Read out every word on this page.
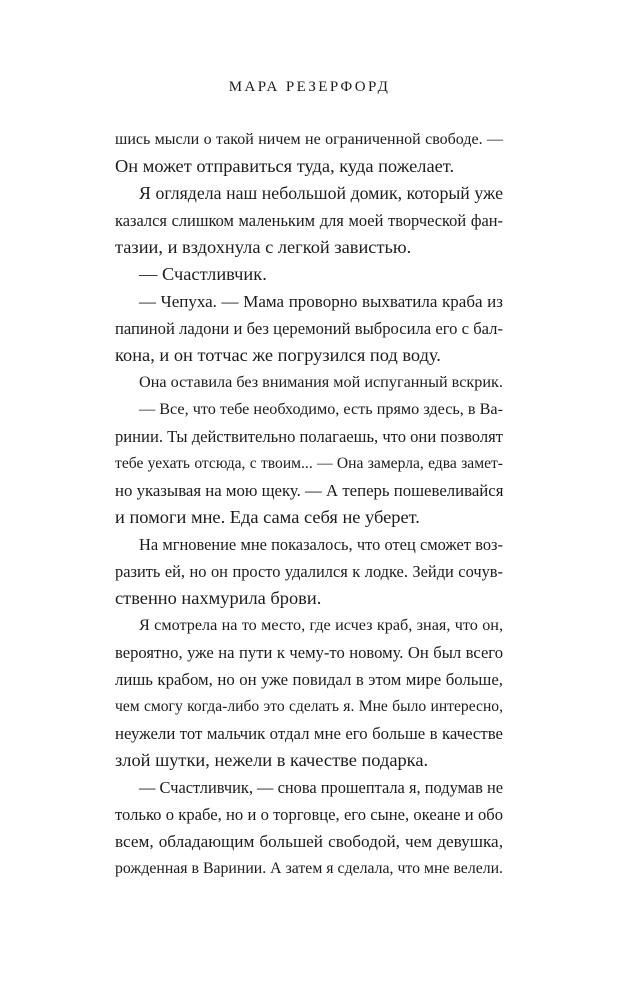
МАРА РЕЗЕРФОРД
шись мысли о такой ничем не ограниченной свободе. —
Он может отправиться туда, куда пожелает.
Я оглядела наш небольшой домик, который уже
казался слишком маленьким для моей творческой фан-
тазии, и вздохнула с легкой завистью.
— Счастливчик.
— Чепуха. — Мама проворно выхватила краба из
папиной ладони и без церемоний выбросила его с бал-
кона, и он тотчас же погрузился под воду.
Она оставила без внимания мой испуганный вскрик.
— Все, что тебе необходимо, есть прямо здесь, в Ва-
ринии. Ты действительно полагаешь, что они позволят
тебе уехать отсюда, с твоим... — Она замерла, едва замет-
но указывая на мою щеку. — А теперь пошевеливайся
и помоги мне. Еда сама себя не уберет.
На мгновение мне показалось, что отец сможет воз-
разить ей, но он просто удалился к лодке. Зейди сочув-
ственно нахмурила брови.
Я смотрела на то место, где исчез краб, зная, что он,
вероятно, уже на пути к чему-то новому. Он был всего
лишь крабом, но он уже повидал в этом мире больше,
чем смогу когда-либо это сделать я. Мне было интересно,
неужели тот мальчик отдал мне его больше в качестве
злой шутки, нежели в качестве подарка.
— Счастливчик, — снова прошептала я, подумав не
только о крабе, но и о торговце, его сыне, океане и обо
всем, обладающим большей свободой, чем девушка,
рожденная в Варинии. А затем я сделала, что мне велели.
